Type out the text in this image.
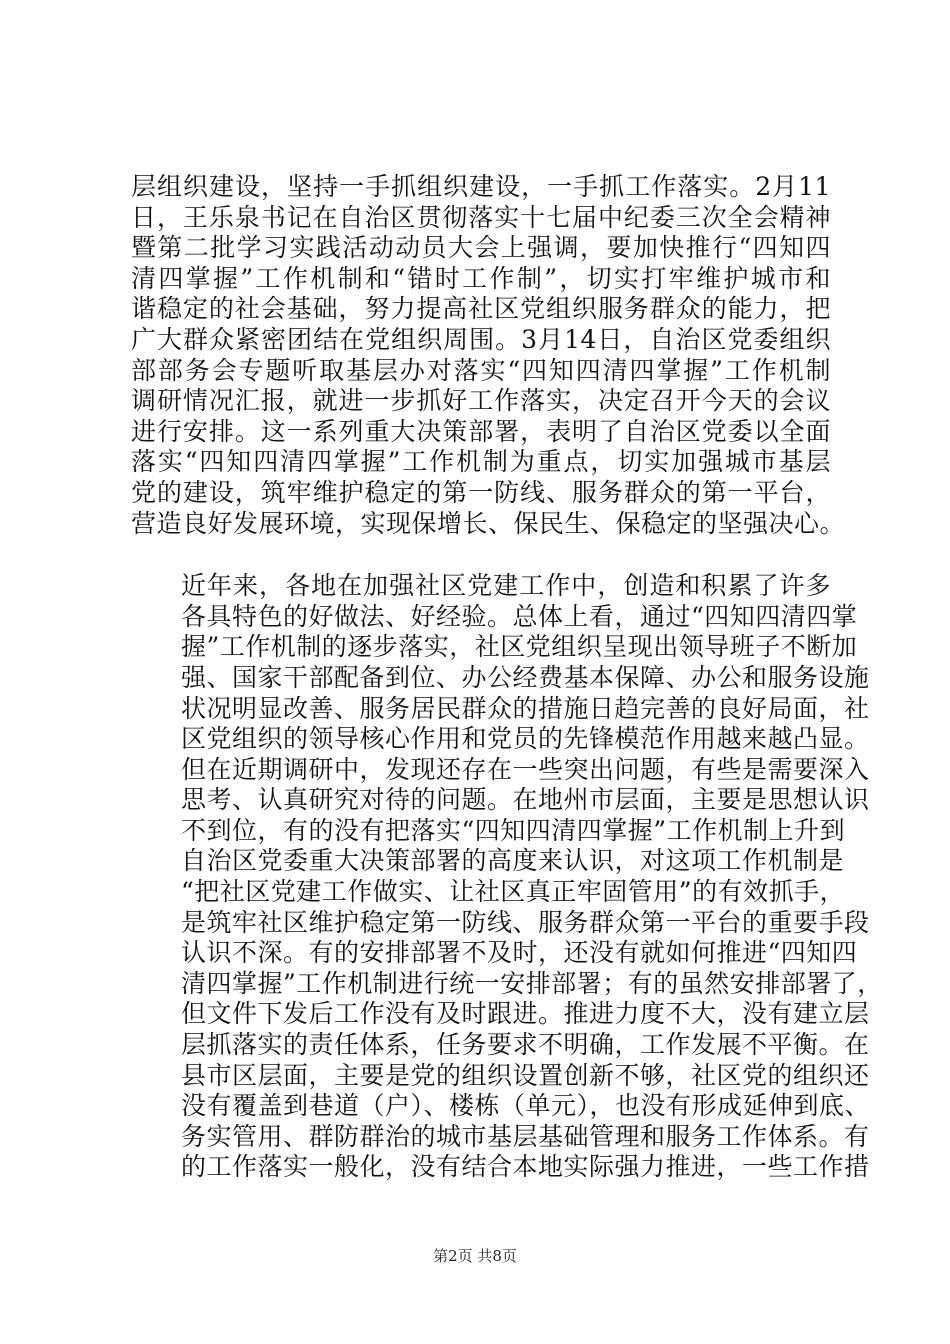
层组织建设，坚持一手抓组织建设，一手抓工作落实。2月11
日，王乐泉书记在自治区贯彻落实十七届中纪委三次全会精神
暨第二批学习实践活动动员大会上强调，要加快推行“四知四
清四掌握”工作机制和“错时工作制”，切实打牢维护城市和
谐稳定的社会基础，努力提高社区党组织服务群众的能力，把
广大群众紧密团结在党组织周围。3月14日，自治区党委组织
部部务会专题听取基层办对落实“四知四清四掌握”工作机制
调研情况汇报，就进一步抓好工作落实，决定召开今天的会议
进行安排。这一系列重大决策部署，表明了自治区党委以全面
落实“四知四清四掌握”工作机制为重点，切实加强城市基层
党的建设，筑牢维护稳定的第一防线、服务群众的第一平台，
营造良好发展环境，实现保增长、保民生、保稳定的坚强决心。

近年来，各地在加强社区党建工作中，创造和积累了许多
各具特色的好做法、好经验。总体上看，通过“四知四清四掌
握”工作机制的逐步落实，社区党组织呈现出领导班子不断加
强、国家干部配备到位、办公经费基本保障、办公和服务设施
状况明显改善、服务居民群众的措施日趋完善的良好局面，社
区党组织的领导核心作用和党员的先锋模范作用越来越凸显。
但在近期调研中，发现还存在一些突出问题，有些是需要深入
思考、认真研究对待的问题。在地州市层面，主要是思想认识
不到位，有的没有把落实“四知四清四掌握”工作机制上升到
自治区党委重大决策部署的高度来认识，对这项工作机制是
“把社区党建工作做实、让社区真正牢固管用”的有效抓手，
是筑牢社区维护稳定第一防线、服务群众第一平台的重要手段
认识不深。有的安排部署不及时，还没有就如何推进“四知四
清四掌握”工作机制进行统一安排部署；有的虽然安排部署了，
但文件下发后工作没有及时跟进。推进力度不大，没有建立层
层抓落实的责任体系，任务要求不明确，工作发展不平衡。在
县市区层面，主要是党的组织设置创新不够，社区党的组织还
没有覆盖到巷道（户）、楼栋（单元），也没有形成延伸到底、
务实管用、群防群治的城市基层基础管理和服务工作体系。有
的工作落实一般化，没有结合本地实际强力推进，一些工作措

第2页 共8页
